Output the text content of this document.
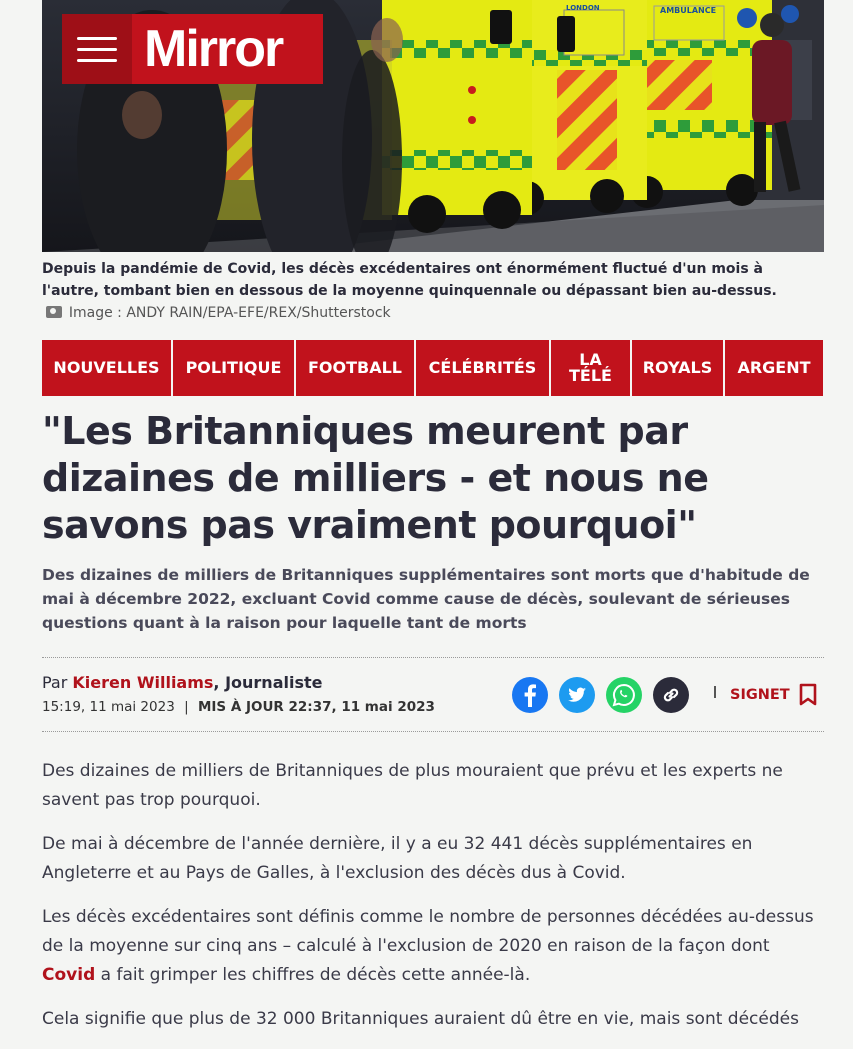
AMBULANCE
LONDON
Mirror
Depuis la pandémie de Covid, les décès excédentaires ont énormément fluctué d'un mois à l'autre, tombant bien en dessous de la moyenne quinquennale ou dépassant bien au-dessus.  Image : ANDY RAIN/EPA-EFE/REX/Shutterstock
NOUVELLES	POLITIQUE	FOOTBALL	CÉLÉBRITÉS	LA TÉLÉ	ROYALS	ARGENT
"Les Britanniques meurent par dizaines de milliers - et nous ne savons pas vraiment pourquoi"

Des dizaines de milliers de Britanniques supplémentaires sont morts que d'habitude de mai à décembre 2022, excluant Covid comme cause de décès, soulevant de sérieuses questions quant à la raison pour laquelle tant de morts

Par Kieren Williams, Journaliste
15:19, 11 mai 2023 | MIS À JOUR 22:37, 11 mai 2023
SIGNET

Des dizaines de milliers de Britanniques de plus mouraient que prévu et les experts ne savent pas trop pourquoi.

De mai à décembre de l'année dernière, il y a eu 32 441 décès supplémentaires en Angleterre et au Pays de Galles, à l'exclusion des décès dus à Covid.

Les décès excédentaires sont définis comme le nombre de personnes décédées au-dessus de la moyenne sur cinq ans – calculé à l'exclusion de 2020 en raison de la façon dont Covid a fait grimper les chiffres de décès cette année-là.

Cela signifie que plus de 32 000 Britanniques auraient dû être en vie, mais sont décédés
